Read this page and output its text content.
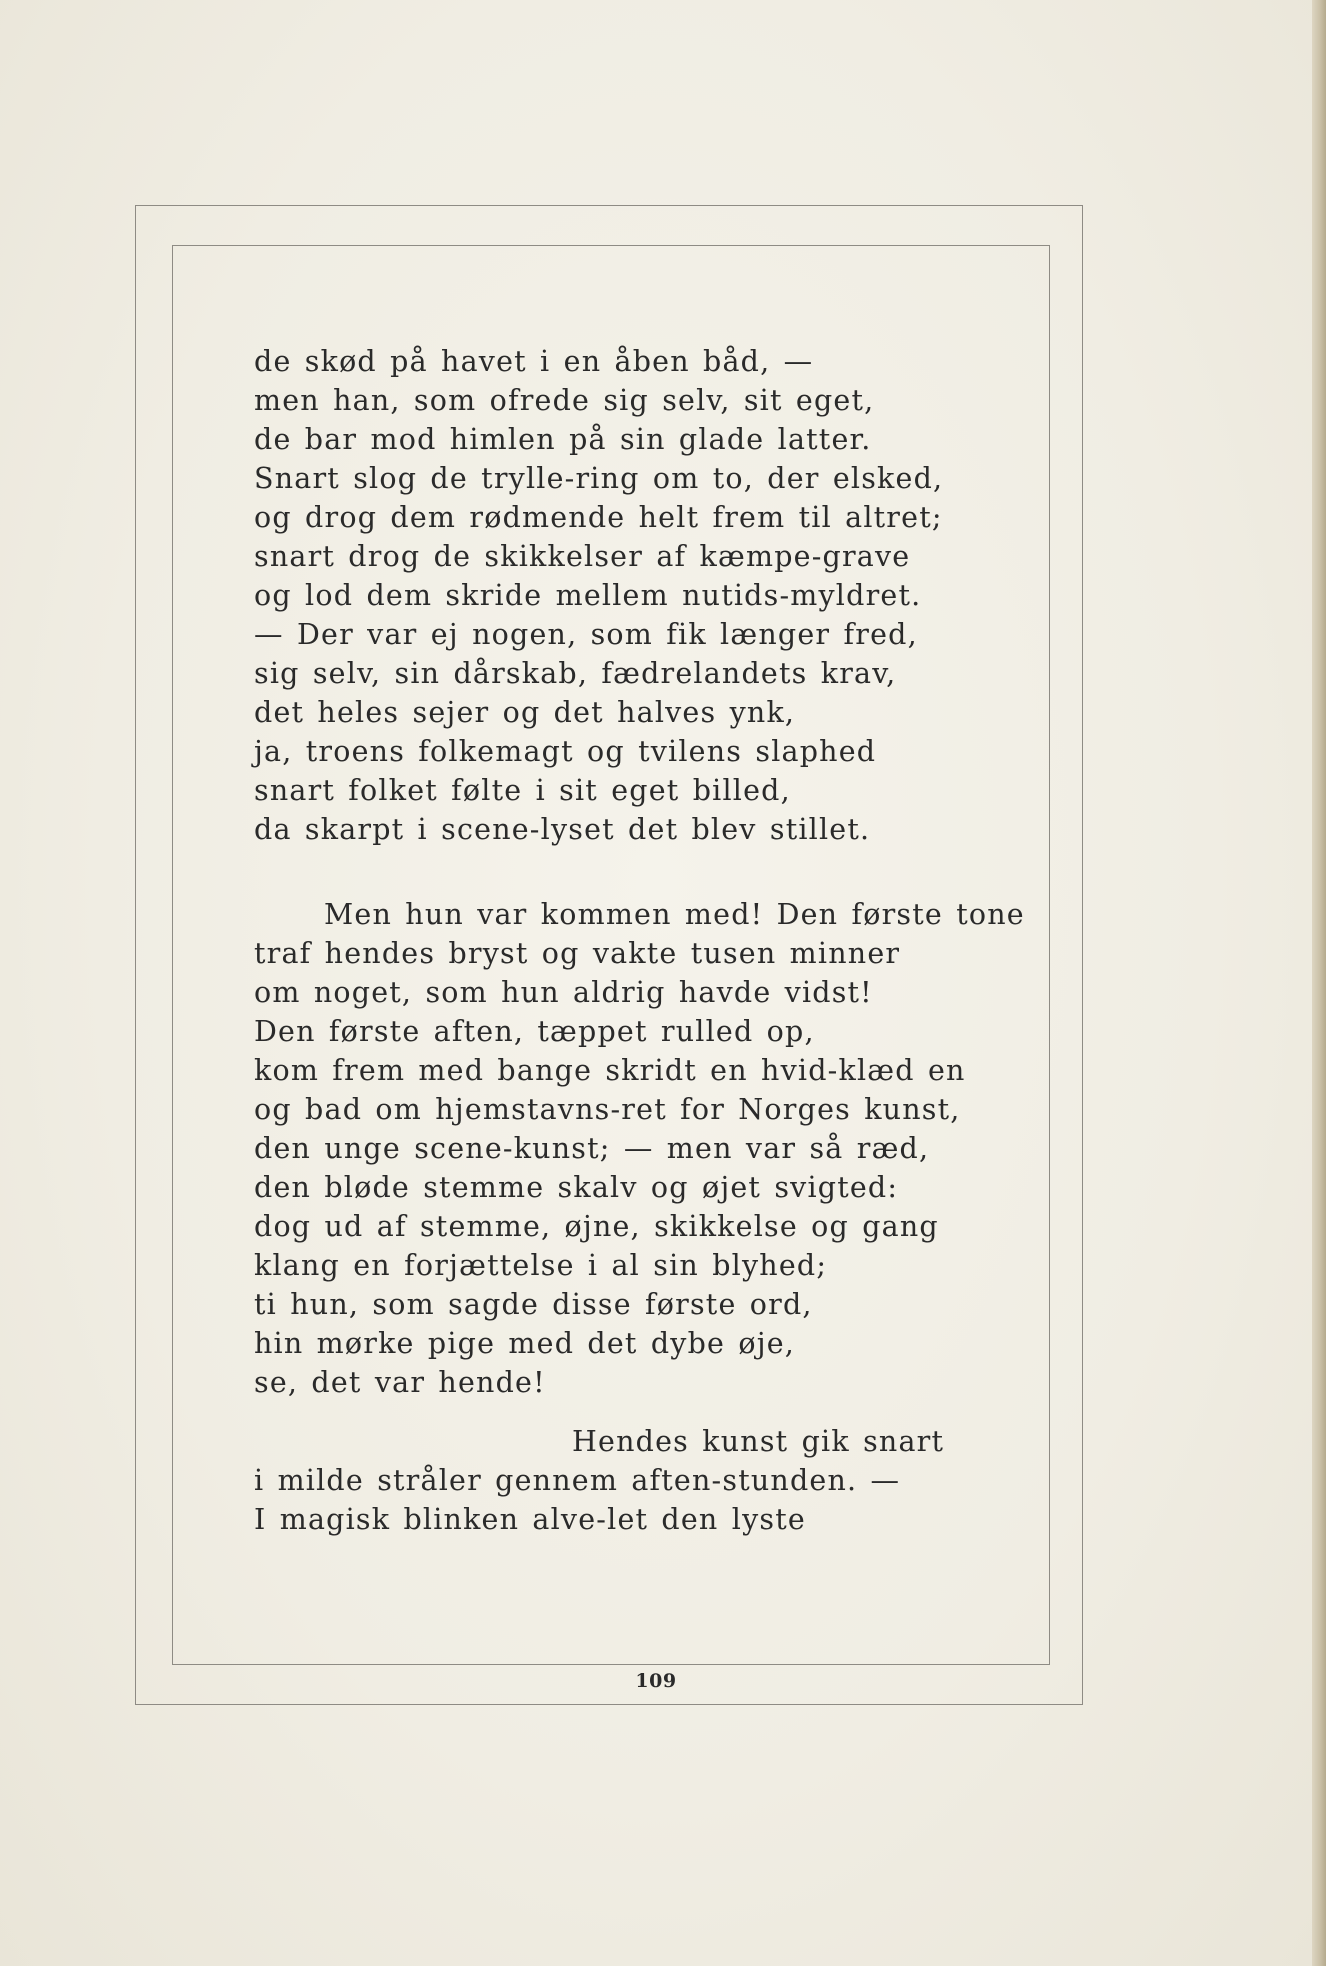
de skød på havet i en åben båd, —
men han, som ofrede sig selv, sit eget,
de bar mod himlen på sin glade latter.
Snart slog de trylle-ring om to, der elsked,
og drog dem rødmende helt frem til altret;
snart drog de skikkelser af kæmpe-grave
og lod dem skride mellem nutids-myldret.
— Der var ej nogen, som fik længer fred,
sig selv, sin dårskab, fædrelandets krav,
det heles sejer og det halves ynk,
ja, troens folkemagt og tvilens slaphed
snart folket følte i sit eget billed,
da skarpt i scene-lyset det blev stillet.
Men hun var kommen med! Den første tone
traf hendes bryst og vakte tusen minner
om noget, som hun aldrig havde vidst!
Den første aften, tæppet rulled op,
kom frem med bange skridt en hvid-klæd en
og bad om hjemstavns-ret for Norges kunst,
den unge scene-kunst; — men var så ræd,
den bløde stemme skalv og øjet svigted:
dog ud af stemme, øjne, skikkelse og gang
klang en forjættelse i al sin blyhed;
ti hun, som sagde disse første ord,
hin mørke pige med det dybe øje,
se, det var hende!
Hendes kunst gik snart
i milde stråler gennem aften-stunden. —
I magisk blinken alve-let den lyste
109
